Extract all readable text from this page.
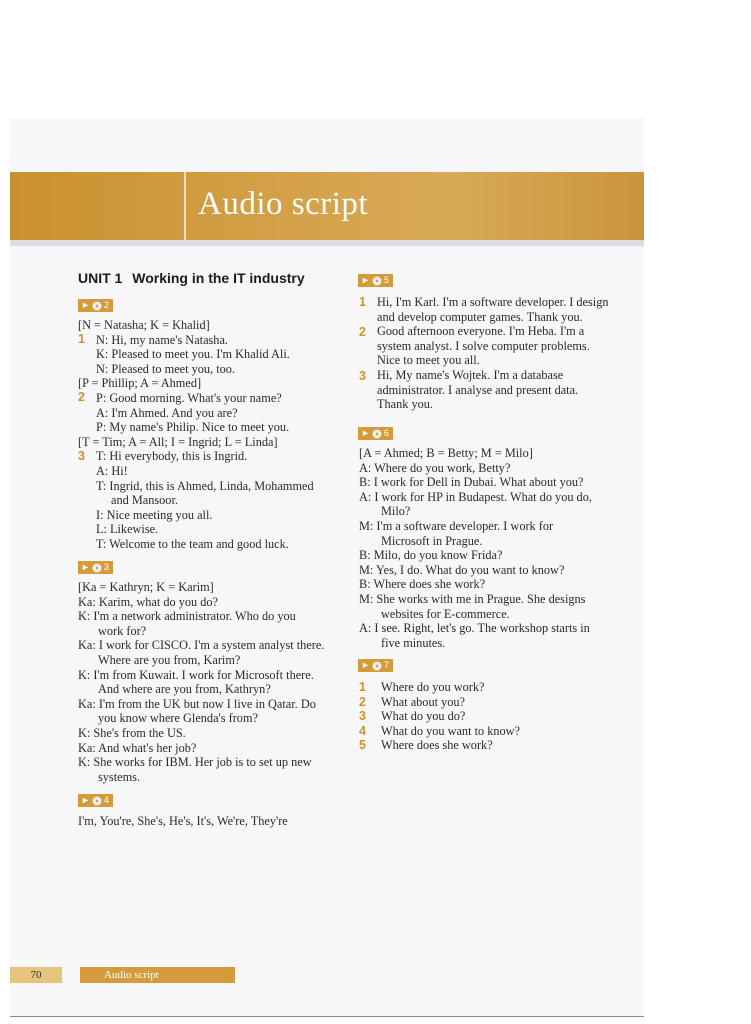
Audio script
UNIT 1 Working in the IT industry
► 2
► 3
► 4
► 5
► 6
► 7
[N = Natasha; K = Khalid]
N: Hi, my name's Natasha.
K: Pleased to meet you. I'm Khalid Ali.
N: Pleased to meet you, too.
[P = Phillip; A = Ahmed]
P: Good morning. What's your name?
A: I'm Ahmed. And you are?
P: My name's Philip. Nice to meet you.
[T = Tim; A = All; I = Ingrid; L = Linda]
T: Hi everybody, this is Ingrid.
A: Hi!
T: Ingrid, this is Ahmed, Linda, Mohammed
and Mansoor.
I: Nice meeting you all.
L: Likewise.
T: Welcome to the team and good luck.
1
2
3
[Ka = Kathryn; K = Karim]
Ka: Karim, what do you do?
K: I'm a network administrator. Who do you
work for?
Ka: I work for CISCO. I'm a system analyst there.
Where are you from, Karim?
K: I'm from Kuwait. I work for Microsoft there.
And where are you from, Kathryn?
Ka: I'm from the UK but now I live in Qatar. Do
you know where Glenda's from?
K: She's from the US.
Ka: And what's her job?
K: She works for IBM. Her job is to set up new
systems.
I'm, You're, She's, He's, It's, We're, They're
Hi, I'm Karl. I'm a software developer. I design
and develop computer games. Thank you.
Good afternoon everyone. I'm Heba. I'm a
system analyst. I solve computer problems.
Nice to meet you all.
Hi, My name's Wojtek. I'm a database
administrator. I analyse and present data.
Thank you.
1
2
3
[A = Ahmed; B = Betty; M = Milo]
A: Where do you work, Betty?
B: I work for Dell in Dubai. What about you?
A: I work for HP in Budapest. What do you do,
Milo?
M: I'm a software developer. I work for
Microsoft in Prague.
B: Milo, do you know Frida?
M: Yes, I do. What do you want to know?
B: Where does she work?
M: She works with me in Prague. She designs
websites for E-commerce.
A: I see. Right, let's go. The workshop starts in
five minutes.
1 Where do you work?
2 What about you?
3 What do you do?
4 What do you want to know?
5 Where does she work?
70	Audio script
